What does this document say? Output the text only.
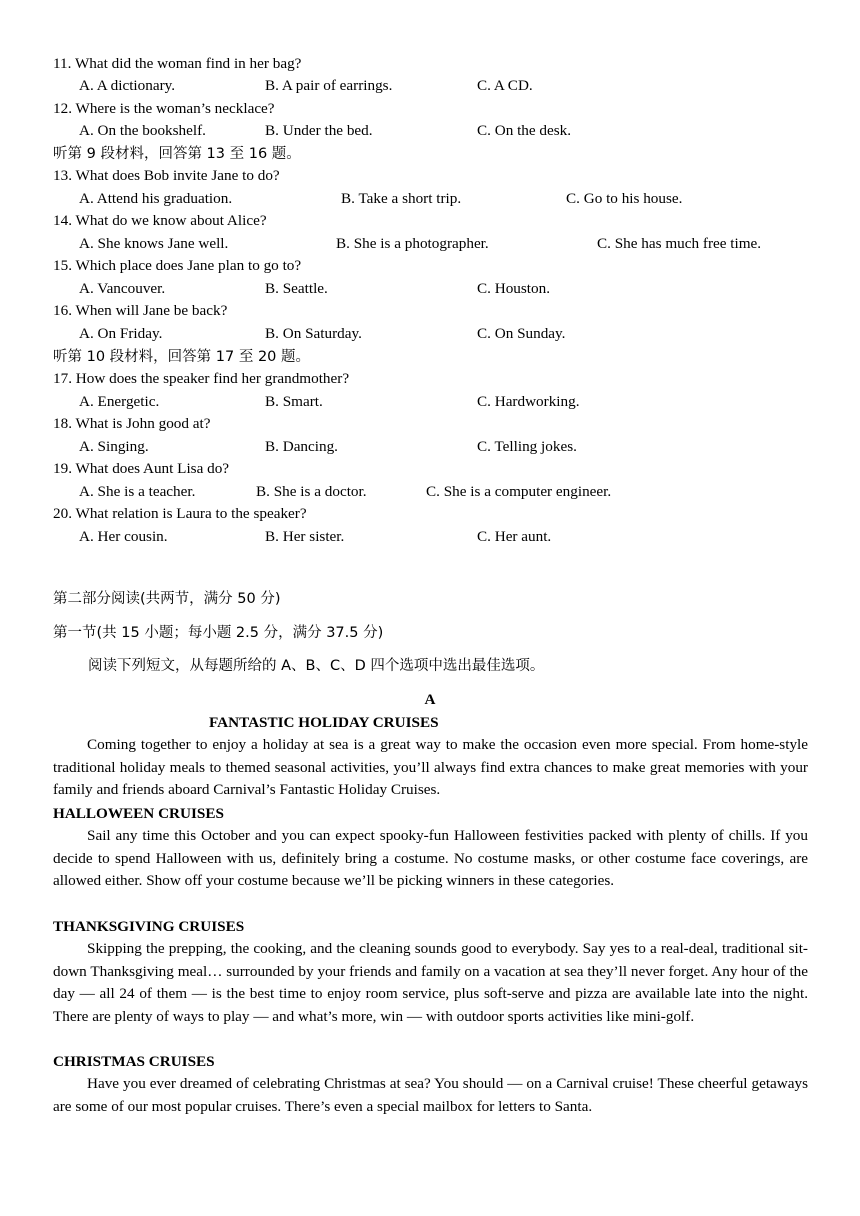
11. What did the woman find in her bag?
A. A dictionary.	B. A pair of earrings.	C. A CD.
12. Where is the woman’s necklace?
A. On the bookshelf.	B. Under the bed.	C. On the desk.
听第 9 段材料，回答第 13 至 16 题。
13. What does Bob invite Jane to do?
A. Attend his graduation.	B. Take a short trip.	C. Go to his house.
14. What do we know about Alice?
A. She knows Jane well.	B. She is a photographer.	C. She has much free time.
15. Which place does Jane plan to go to?
A. Vancouver.	B. Seattle.	C. Houston.
16. When will Jane be back?
A. On Friday.	B. On Saturday.	C. On Sunday.
听第 10 段材料，回答第 17 至 20 题。
17. How does the speaker find her grandmother?
A. Energetic.	B. Smart.	C. Hardworking.
18. What is John good at?
A. Singing.	B. Dancing.	C. Telling jokes.
19. What does Aunt Lisa do?
A. She is a teacher.	B. She is a doctor.	C. She is a computer engineer.
20. What relation is Laura to the speaker?
A. Her cousin.	B. Her sister.	C. Her aunt.
第二部分阅读(共两节，满分 50 分)
第一节(共 15 小题；每小题 2.5 分，满分 37.5 分)
阅读下列短文，从每题所给的 A、B、C、D 四个选项中选出最佳选项。
A
FANTASTIC HOLIDAY CRUISES
Coming together to enjoy a holiday at sea is a great way to make the occasion even more special. From home-style traditional holiday meals to themed seasonal activities, you’ll always find extra chances to make great memories with your family and friends aboard Carnival’s Fantastic Holiday Cruises.
HALLOWEEN CRUISES
Sail any time this October and you can expect spooky-fun Halloween festivities packed with plenty of chills. If you decide to spend Halloween with us, definitely bring a costume. No costume masks, or other costume face coverings, are allowed either. Show off your costume because we’ll be picking winners in these categories.
THANKSGIVING CRUISES
Skipping the prepping, the cooking, and the cleaning sounds good to everybody. Say yes to a real-deal, traditional sit-down Thanksgiving meal… surrounded by your friends and family on a vacation at sea they’ll never forget. Any hour of the day — all 24 of them — is the best time to enjoy room service, plus soft-serve and pizza are available late into the night. There are plenty of ways to play — and what’s more, win — with outdoor sports activities like mini-golf.
CHRISTMAS CRUISES
Have you ever dreamed of celebrating Christmas at sea? You should — on a Carnival cruise! These cheerful getaways are some of our most popular cruises. There’s even a special mailbox for letters to Santa.
